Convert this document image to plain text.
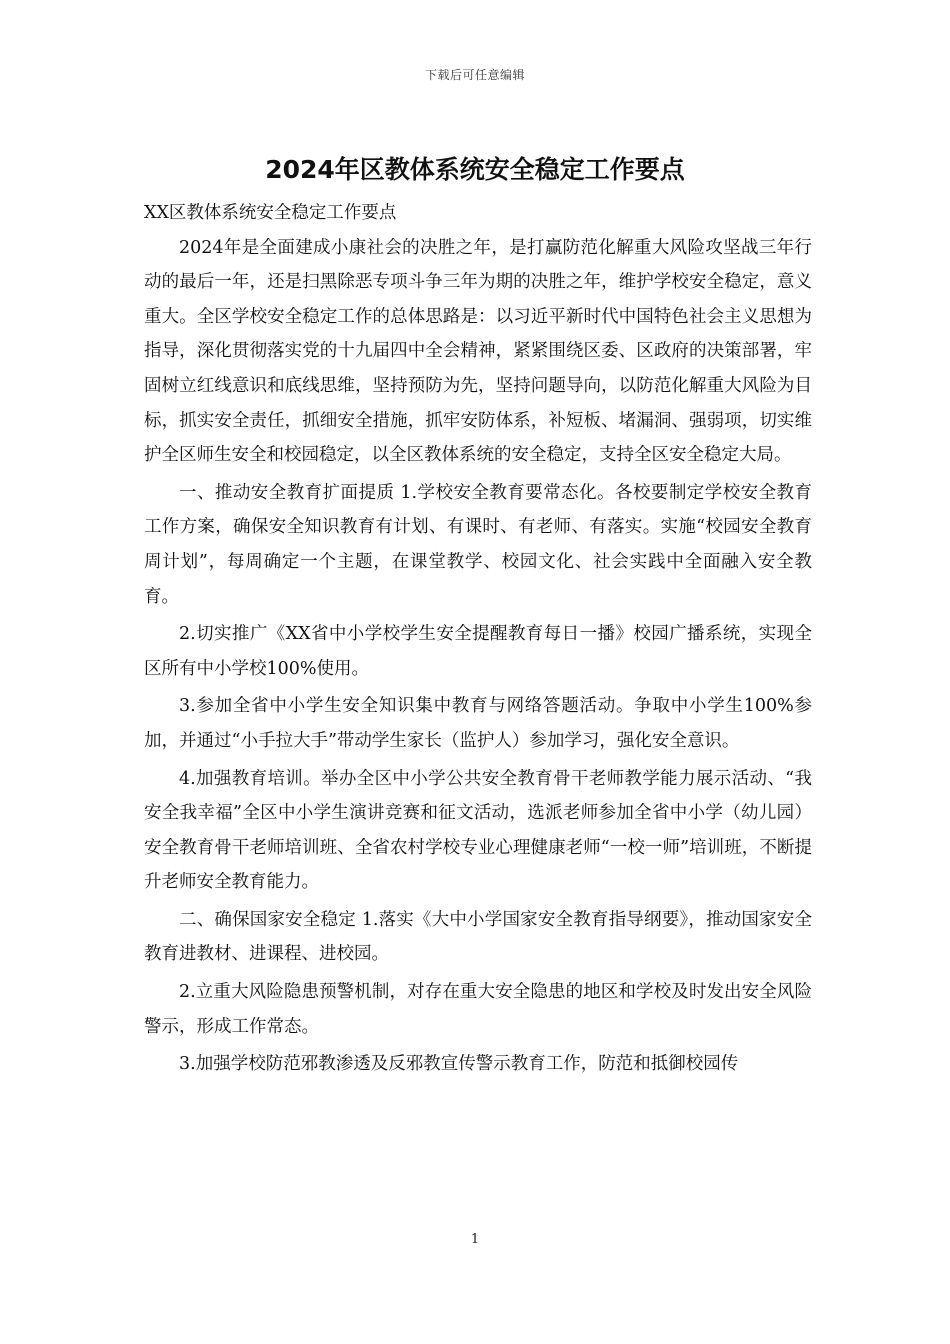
下载后可任意编辑
2024年区教体系统安全稳定工作要点

XX区教体系统安全稳定工作要点

2024年是全面建成小康社会的决胜之年，是打赢防范化解重大风险攻坚战三年行动的最后一年，还是扫黑除恶专项斗争三年为期的决胜之年，维护学校安全稳定，意义重大。全区学校安全稳定工作的总体思路是：以习近平新时代中国特色社会主义思想为指导，深化贯彻落实党的十九届四中全会精神，紧紧围绕区委、区政府的决策部署，牢固树立红线意识和底线思维，坚持预防为先，坚持问题导向，以防范化解重大风险为目标，抓实安全责任，抓细安全措施，抓牢安防体系，补短板、堵漏洞、强弱项，切实维护全区师生安全和校园稳定，以全区教体系统的安全稳定，支持全区安全稳定大局。

一、推动安全教育扩面提质 1.学校安全教育要常态化。各校要制定学校安全教育工作方案，确保安全知识教育有计划、有课时、有老师、有落实。实施“校园安全教育周计划”，每周确定一个主题，在课堂教学、校园文化、社会实践中全面融入安全教育。

2.切实推广《XX省中小学校学生安全提醒教育每日一播》校园广播系统，实现全区所有中小学校100%使用。

3.参加全省中小学生安全知识集中教育与网络答题活动。争取中小学生100%参加，并通过“小手拉大手”带动学生家长（监护人）参加学习，强化安全意识。

4.加强教育培训。举办全区中小学公共安全教育骨干老师教学能力展示活动、“我安全我幸福”全区中小学生演讲竞赛和征文活动，选派老师参加全省中小学（幼儿园）安全教育骨干老师培训班、全省农村学校专业心理健康老师“一校一师”培训班，不断提升老师安全教育能力。

二、确保国家安全稳定 1.落实《大中小学国家安全教育指导纲要》，推动国家安全教育进教材、进课程、进校园。

2.立重大风险隐患预警机制，对存在重大安全隐患的地区和学校及时发出安全风险警示，形成工作常态。

3.加强学校防范邪教渗透及反邪教宣传警示教育工作，防范和抵御校园传

1
